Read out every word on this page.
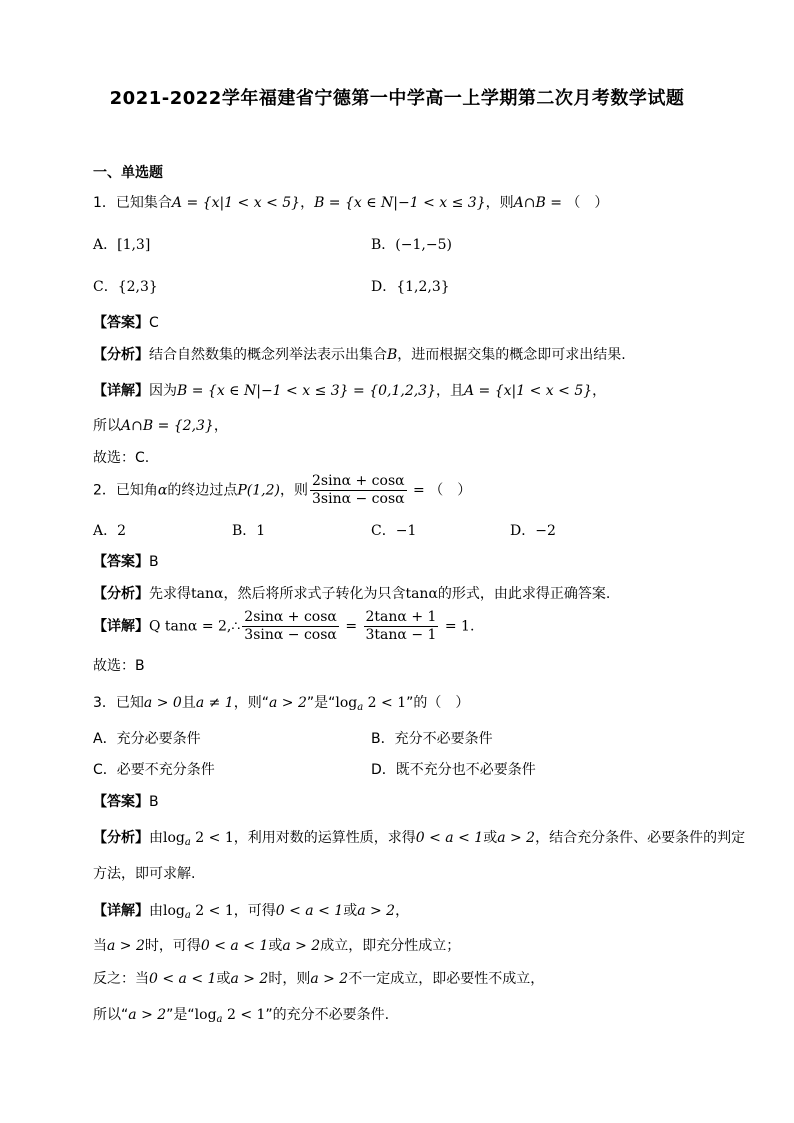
2021-2022学年福建省宁德第一中学高一上学期第二次月考数学试题
一、单选题
1．已知集合A = {x|1 < x < 5}，B = {x ∈ N|−1 < x ≤ 3}，则A∩B = （　）
A．[1,3]	B．(−1,−5)
C．{2,3}	D．{1,2,3}
【答案】C
【分析】结合自然数集的概念列举法表示出集合B，进而根据交集的概念即可求出结果.
【详解】因为B = {x ∈ N|−1 < x ≤ 3} = {0,1,2,3}，且A = {x|1 < x < 5}，
所以A∩B = {2,3}，
故选：C.
2．已知角α的终边过点P(1,2)，则 $\frac{2\sin\alpha + \cos\alpha}{3\sin\alpha - \cos\alpha}$ = （　）
A．2	B．1	C．−1	D．−2
【答案】B
【分析】先求得tanα，然后将所求式子转化为只含tanα的形式，由此求得正确答案.
【详解】Q tanα = 2,∴ $\frac{2\sin\alpha + \cos\alpha}{3\sin\alpha - \cos\alpha} = \frac{2\tan\alpha + 1}{3\tan\alpha - 1} = 1$.
故选：B
3．已知a > 0且a ≠ 1，则“a > 2”是“$\log_a$ 2 < 1”的（　）
A．充分必要条件	B．充分不必要条件
C．必要不充分条件	D．既不充分也不必要条件
【答案】B
【分析】由$\log_a 2 < 1$，利用对数的运算性质，求得0 < a < 1或a > 2，结合充分条件、必要条件的判定
方法，即可求解.
【详解】由$\log_a 2 < 1$，可得0 < a < 1或a > 2，
当a > 2时，可得0 < a < 1或a > 2成立，即充分性成立；
反之：当0 < a < 1或a > 2时，则a > 2不一定成立，即必要性不成立，
所以“a > 2”是“$\log_a$ 2 < 1”的充分不必要条件.
